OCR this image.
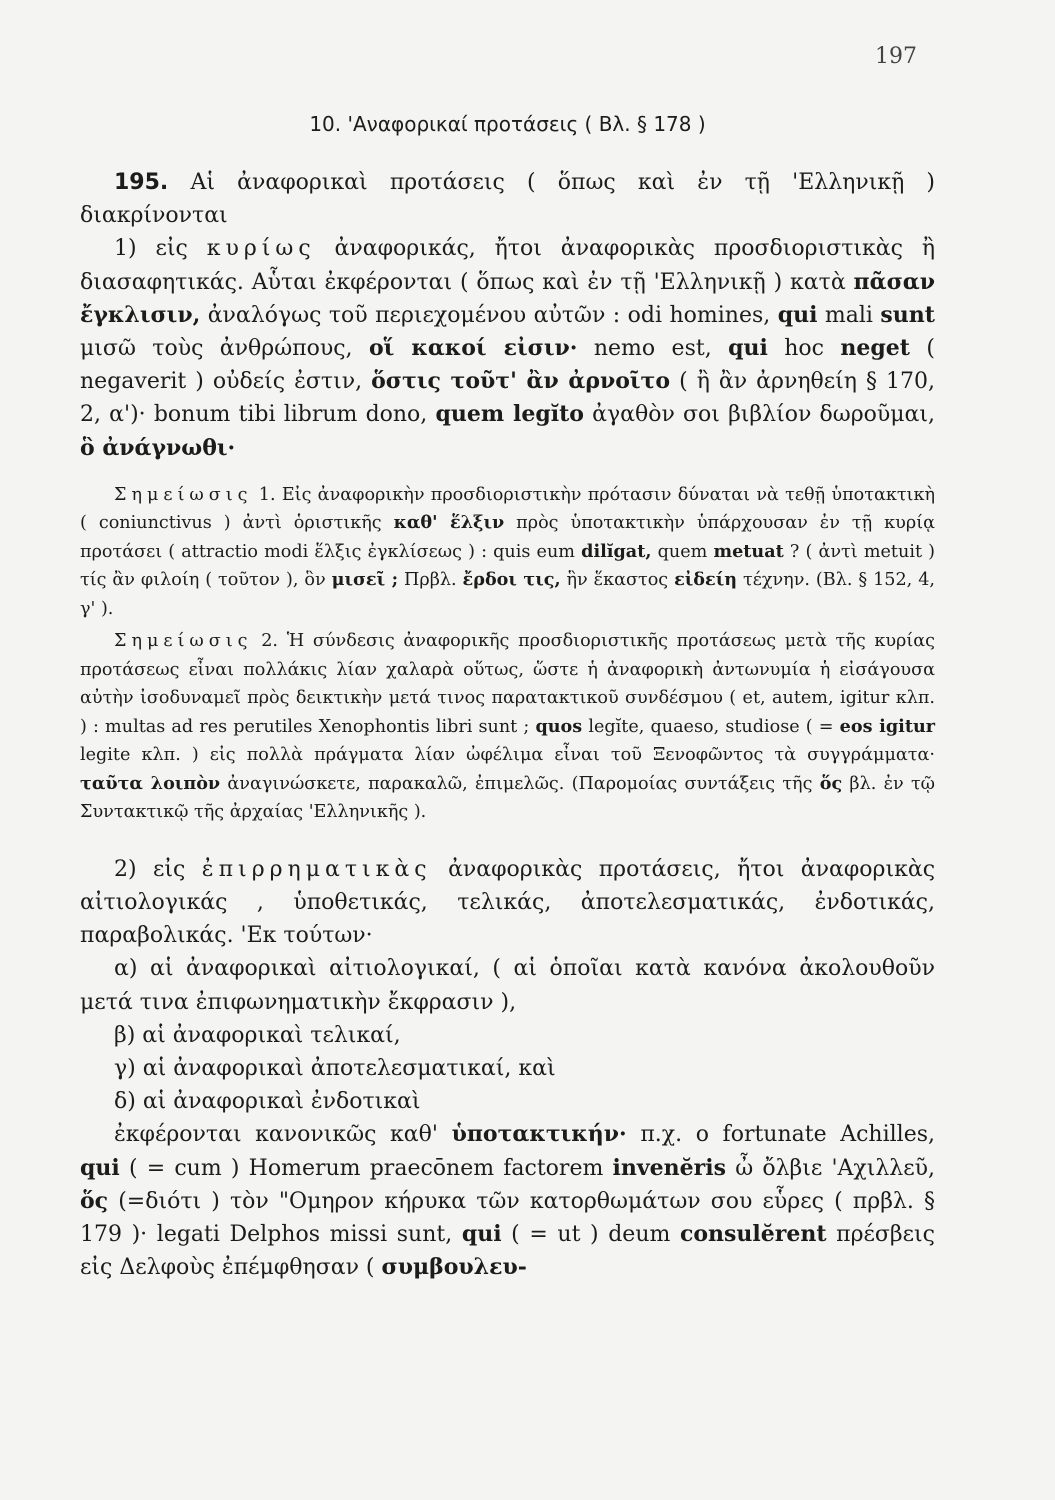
197
10. 'Αναφορικαί προτάσεις ( Βλ. § 178 )

195. Αἱ ἀναφορικαὶ προτάσεις ( ὅπως καὶ ἐν τῇ 'Ελληνικῇ ) διακρίνονται

1) εἰς κυρίως ἀναφορικάς, ἤτοι ἀναφορικὰς προσδιοριστικὰς ἢ διασαφητικάς. Αὗται ἐκφέρονται ( ὅπως καὶ ἐν τῇ 'Ελληνικῇ ) κατὰ πᾶσαν ἔγκλισιν, ἀναλόγως τοῦ περιεχομένου αὐτῶν : odi homines, qui mali sunt μισῶ τοὺς ἀνθρώπους, οἵ κακοί εἰσιν· nemo est, qui hoc neget ( negaverit ) οὐδείς ἐστιν, ὅστις τοῦτ' ἂν ἀρνοῖτο ( ἢ ἂν ἀρνηθείη § 170, 2, α')· bonum tibi librum dono, quem legĭto ἀγαθὸν σοι βιβλίον δωροῦμαι, ὃ ἀνάγνωθι·

Σημείωσις 1. Εἰς ἀναφορικὴν προσδιοριστικὴν πρότασιν δύναται νὰ τεθῇ ὑποτακτικὴ ( coniunctivus ) ἀντὶ ὁριστικῆς καθ' ἕλξιν πρὸς ὑποτακτικὴν ὑπάρχουσαν ἐν τῇ κυρίᾳ προτάσει ( attractio modi ἕλξις ἐγκλίσεως ) : quis eum dilĭgat, quem metuat ? ( ἀντὶ metuit ) τίς ἂν φιλοίη ( τοῦτον ), ὃν μισεῖ ; Πρβλ. ἔρδοι τις, ἣν ἕκαστος εἰδείη τέχνην. (Βλ. § 152, 4, γ' ).

Σημείωσις 2. Ἡ σύνδεσις ἀναφορικῆς προσδιοριστικῆς προτάσεως μετὰ τῆς κυρίας προτάσεως εἶναι πολλάκις λίαν χαλαρὰ οὕτως, ὥστε ἡ ἀναφορικὴ ἀντωνυμία ἡ εἰσάγουσα αὐτὴν ἰσοδυναμεῖ πρὸς δεικτικὴν μετά τινος παρατακτικοῦ συνδέσμου ( et, autem, igitur κλπ. ) : multas ad res perutiles Xenophontis libri sunt ; quos legĭte, quaeso, studiose ( = eos igitur legite κλπ. ) εἰς πολλὰ πράγματα λίαν ὠφέλιμα εἶναι τοῦ Ξενοφῶντος τὰ συγγράμματα· ταῦτα λοιπὸν ἀναγινώσκετε, παρακαλῶ, ἐπιμελῶς. (Παρομοίας συντάξεις τῆς ὅς βλ. ἐν τῷ Συντακτικῷ τῆς ἀρχαίας 'Ελληνικῆς ).

2) εἰς ἐπιρρηματικὰς ἀναφορικὰς προτάσεις, ἤτοι ἀναφορικὰς αἰτιολογικάς , ὑποθετικάς, τελικάς, ἀποτελεσματικάς, ἐνδοτικάς, παραβολικάς. 'Εκ τούτων·

α) αἱ ἀναφορικαὶ αἰτιολογικαί, ( αἱ ὁποῖαι κατὰ κανόνα ἀκολουθοῦν μετά τινα ἐπιφωνηματικὴν ἔκφρασιν ),

β) αἱ ἀναφορικαὶ τελικαί,

γ) αἱ ἀναφορικαὶ ἀποτελεσματικαί, καὶ

δ) αἱ ἀναφορικαὶ ἐνδοτικαὶ

ἐκφέρονται κανονικῶς καθ' ὑποτακτικήν· π.χ. o fortunate Achilles, qui ( = cum ) Homerum praecōnem factorem invenĕris ὦ ὄλβιε 'Αχιλλεῦ, ὅς (=διότι ) τὸν "Ομηρον κήρυκα τῶν κατορθωμάτων σου εὗρες ( πρβλ. § 179 )· legati Delphos missi sunt, qui ( = ut ) deum consulĕrent πρέσβεις εἰς Δελφοὺς ἐπέμφθησαν ( συμβουλευ-
